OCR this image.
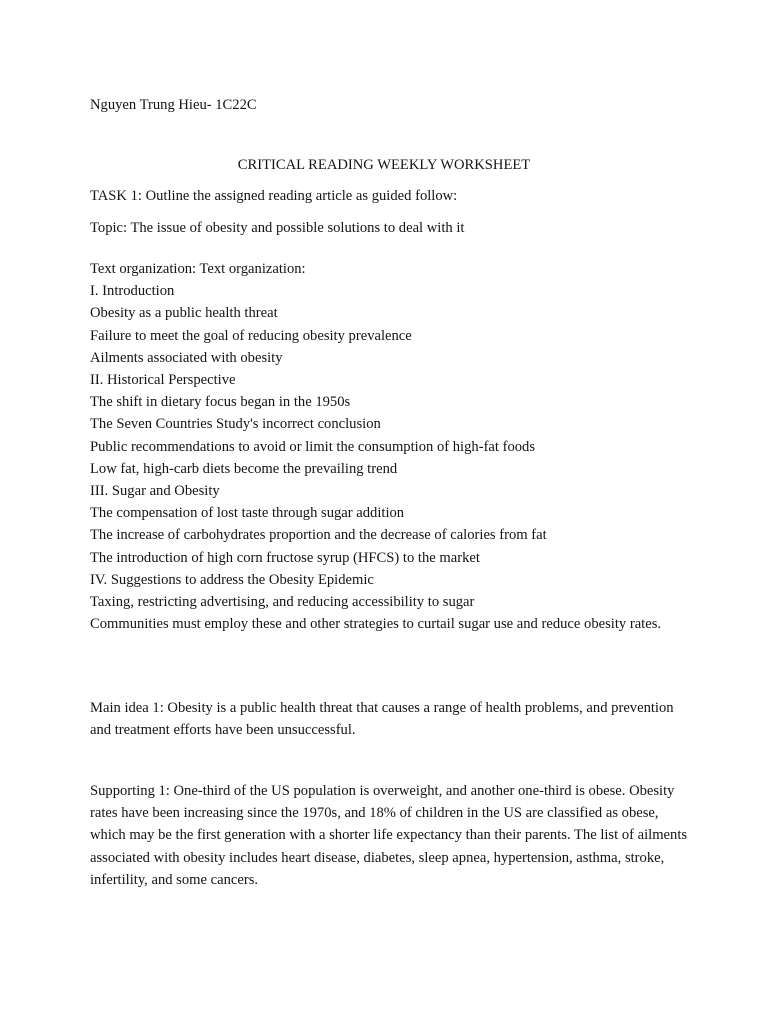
Nguyen Trung Hieu- 1C22C

CRITICAL READING WEEKLY WORKSHEET

TASK 1: Outline the assigned reading article as guided follow:

Topic: The issue of obesity and possible solutions to deal with it

Text organization: Text organization:
I. Introduction
Obesity as a public health threat
Failure to meet the goal of reducing obesity prevalence
Ailments associated with obesity
II. Historical Perspective
The shift in dietary focus began in the 1950s
The Seven Countries Study's incorrect conclusion
Public recommendations to avoid or limit the consumption of high-fat foods
Low fat, high-carb diets become the prevailing trend
III. Sugar and Obesity
The compensation of lost taste through sugar addition
The increase of carbohydrates proportion and the decrease of calories from fat
The introduction of high corn fructose syrup (HFCS) to the market
IV. Suggestions to address the Obesity Epidemic
Taxing, restricting advertising, and reducing accessibility to sugar
Communities must employ these and other strategies to curtail sugar use and reduce obesity rates.

Main idea 1: Obesity is a public health threat that causes a range of health problems, and prevention and treatment efforts have been unsuccessful.

Supporting 1: One-third of the US population is overweight, and another one-third is obese. Obesity rates have been increasing since the 1970s, and 18% of children in the US are classified as obese, which may be the first generation with a shorter life expectancy than their parents. The list of ailments associated with obesity includes heart disease, diabetes, sleep apnea, hypertension, asthma, stroke, infertility, and some cancers.
